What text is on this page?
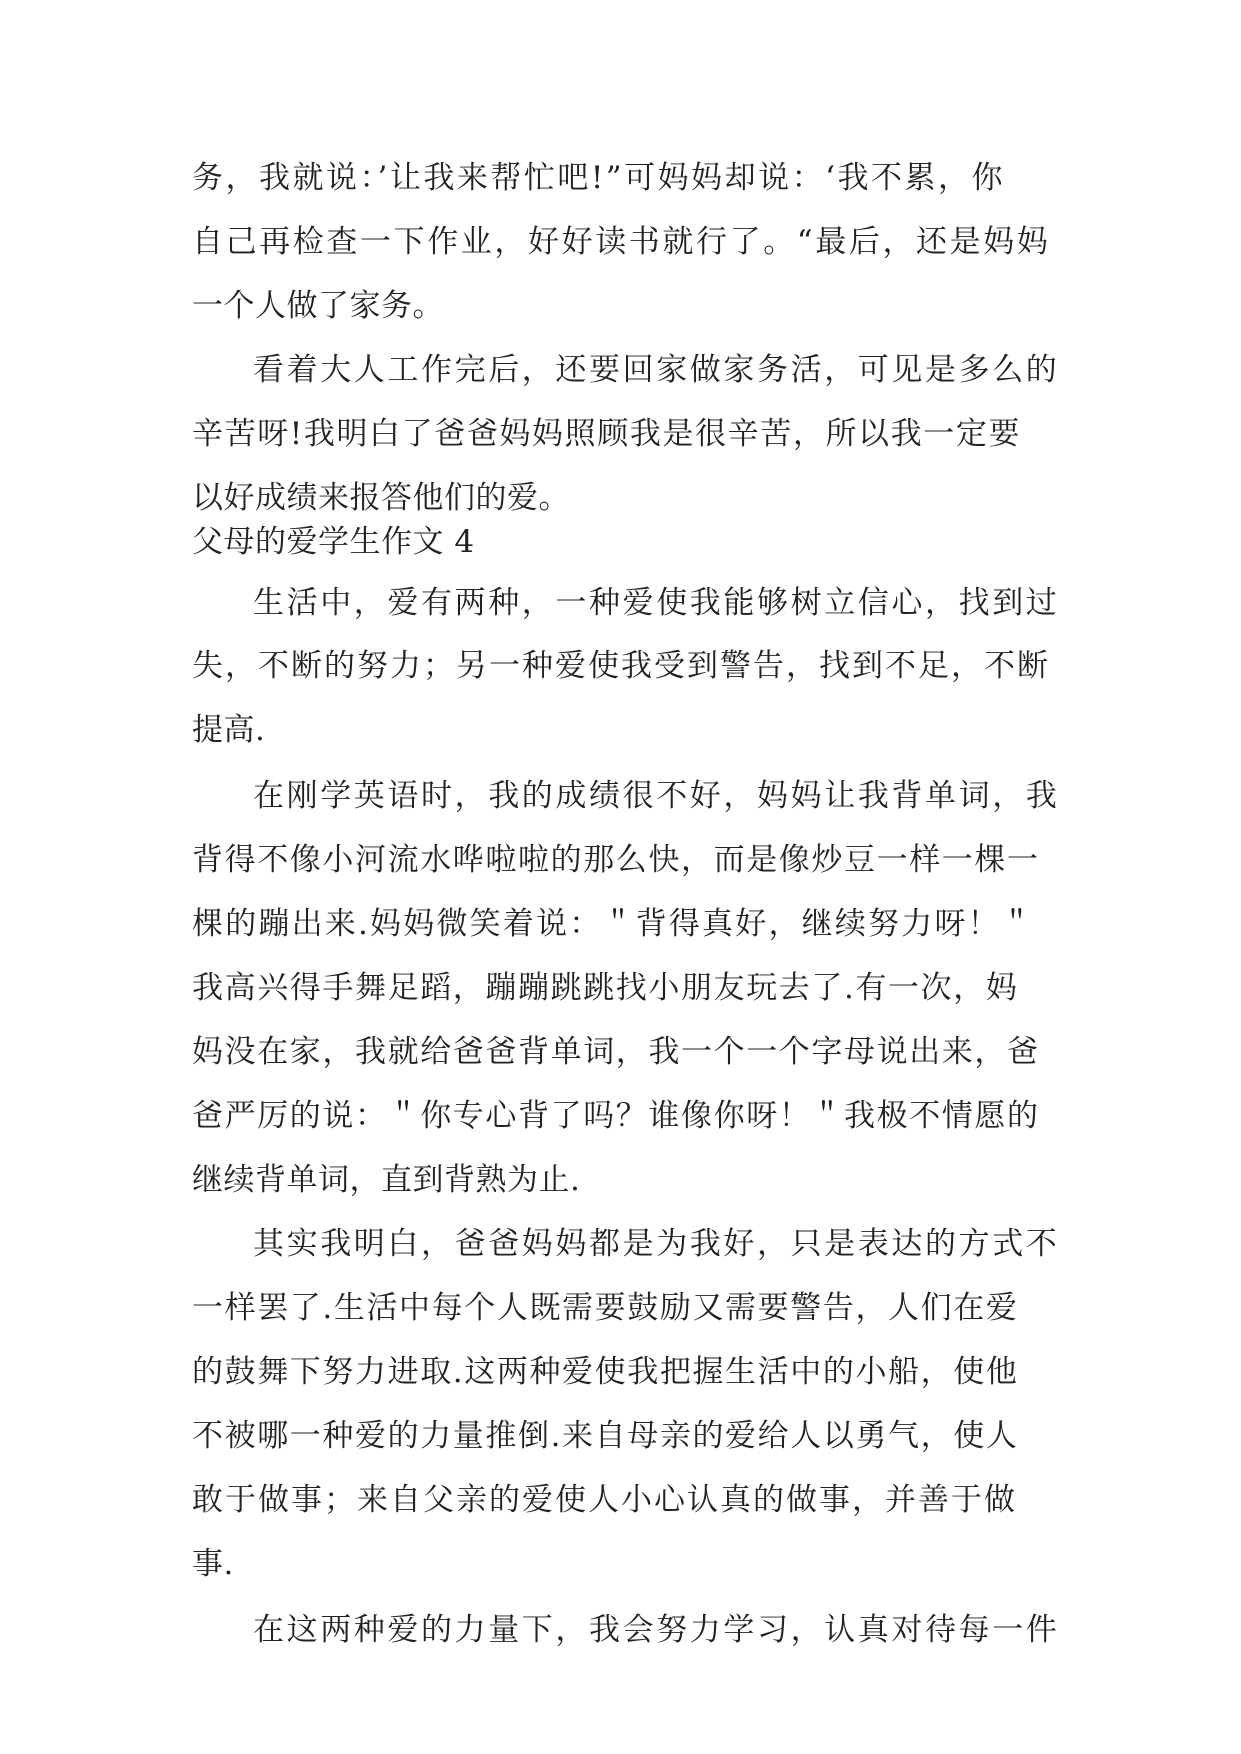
务，我就说：’让我来帮忙吧!”可妈妈却说：‘我不累，你
自己再检查一下作业，好好读书就行了。“最后，还是妈妈
一个人做了家务。
看着大人工作完后，还要回家做家务活，可见是多么的
辛苦呀!我明白了爸爸妈妈照顾我是很辛苦，所以我一定要
以好成绩来报答他们的爱。
父母的爱学生作文 4
生活中，爱有两种，一种爱使我能够树立信心，找到过
失，不断的努力；另一种爱使我受到警告，找到不足，不断
提高.
在刚学英语时，我的成绩很不好，妈妈让我背单词，我
背得不像小河流水哗啦啦的那么快，而是像炒豆一样一棵一
棵的蹦出来.妈妈微笑着说：＂背得真好，继续努力呀！＂
我高兴得手舞足蹈，蹦蹦跳跳找小朋友玩去了.有一次，妈
妈没在家，我就给爸爸背单词，我一个一个字母说出来，爸
爸严厉的说：＂你专心背了吗？谁像你呀！＂我极不情愿的
继续背单词，直到背熟为止.
其实我明白，爸爸妈妈都是为我好，只是表达的方式不
一样罢了.生活中每个人既需要鼓励又需要警告，人们在爱
的鼓舞下努力进取.这两种爱使我把握生活中的小船，使他
不被哪一种爱的力量推倒.来自母亲的爱给人以勇气，使人
敢于做事；来自父亲的爱使人小心认真的做事，并善于做
事.
在这两种爱的力量下，我会努力学习，认真对待每一件
